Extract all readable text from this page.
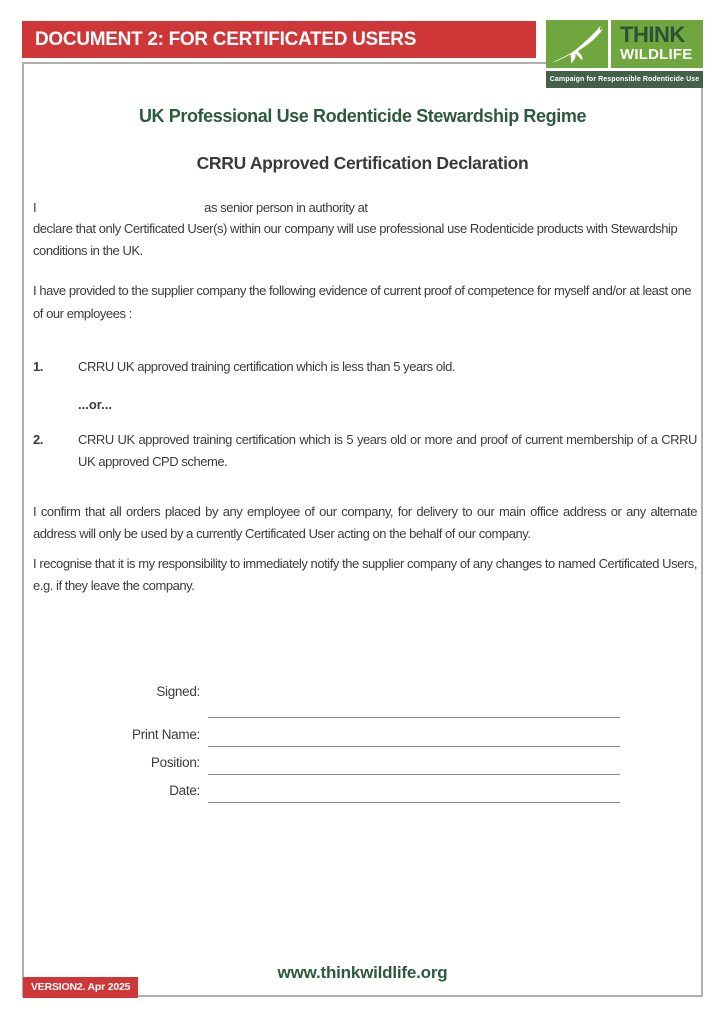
DOCUMENT 2: FOR CERTIFICATED USERS	THINK
WILDLIFE
Campaign for Responsible Rodenticide Use
UK Professional Use Rodenticide Stewardship Regime
CRRU Approved Certification Declaration
I	as senior person in authority at
declare that only Certificated User(s) within our company will use professional use Rodenticide products with Stewardship conditions in the UK.
I have provided to the supplier company the following evidence of current proof of competence for myself and/or at least one of our employees :
1.	CRRU UK approved training certification which is less than 5 years old.
...or...
2.	CRRU UK approved training certification which is 5 years old or more and proof of current membership of a CRRU UK approved CPD scheme.
I confirm that all orders placed by any employee of our company, for delivery to our main office address or any alternate address will only be used by a currently Certificated User acting on the behalf of our company.
I recognise that it is my responsibility to immediately notify the supplier company of any changes to named Certificated Users, e.g. if they leave the company.
Signed:
Print Name:
Position:
Date:
www.thinkwildlife.org
VERSION2. Apr 2025
